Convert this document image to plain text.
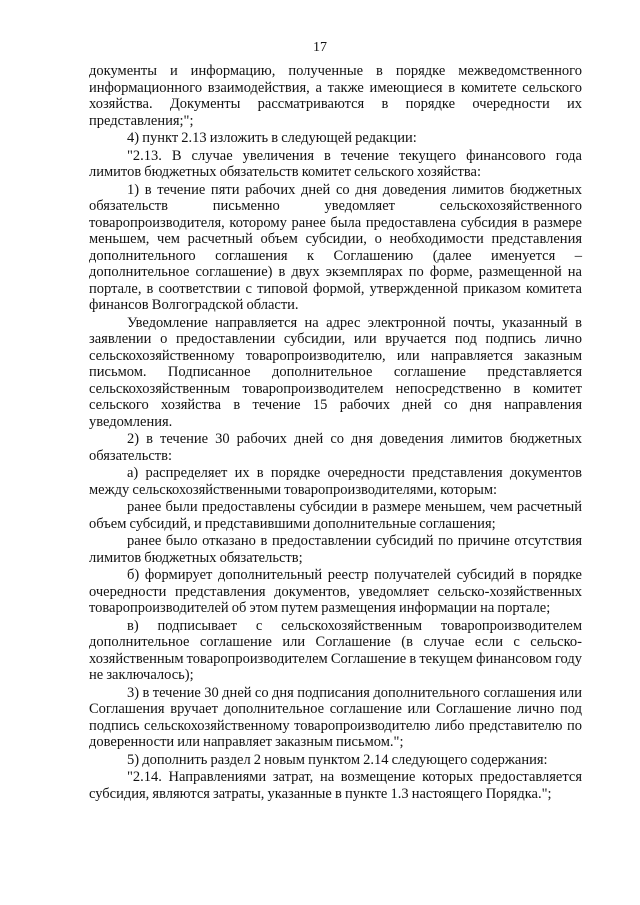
17

документы и информацию, полученные в порядке межведомственного информационного взаимодействия, а также имеющиеся в комитете сельского хозяйства. Документы рассматриваются в порядке очередности их представления;";

4) пункт 2.13 изложить в следующей редакции:

"2.13. В случае увеличения в течение текущего финансового года лимитов бюджетных обязательств комитет сельского хозяйства:

1) в течение пяти рабочих дней со дня доведения лимитов бюджетных обязательств письменно уведомляет сельскохозяйственного товаропроизводителя, которому ранее была предоставлена субсидия в размере меньшем, чем расчетный объем субсидии, о необходимости представления дополнительного соглашения к Соглашению (далее именуется – дополнительное соглашение) в двух экземплярах по форме, размещенной на портале, в соответствии с типовой формой, утвержденной приказом комитета финансов Волгоградской области.

Уведомление направляется на адрес электронной почты, указанный в заявлении о предоставлении субсидии, или вручается под подпись лично сельскохозяйственному товаропроизводителю, или направляется заказным письмом. Подписанное дополнительное соглашение представляется сельскохозяйственным товаропроизводителем непосредственно в комитет сельского хозяйства в течение 15 рабочих дней со дня направления уведомления.

2) в течение 30 рабочих дней со дня доведения лимитов бюджетных обязательств:

а) распределяет их в порядке очередности представления документов между сельскохозяйственными товаропроизводителями, которым:

ранее были предоставлены субсидии в размере меньшем, чем расчетный объем субсидий, и представившими дополнительные соглашения;

ранее было отказано в предоставлении субсидий по причине отсутствия лимитов бюджетных обязательств;

б) формирует дополнительный реестр получателей субсидий в порядке очередности представления документов, уведомляет сельско-хозяйственных товаропроизводителей об этом путем размещения информации на портале;

в) подписывает с сельскохозяйственным товаропроизводителем дополнительное соглашение или Соглашение (в случае если с сельско-хозяйственным товаропроизводителем Соглашение в текущем финансовом году не заключалось);

3) в течение 30 дней со дня подписания дополнительного соглашения или Соглашения вручает дополнительное соглашение или Соглашение лично под подпись сельскохозяйственному товаропроизводителю либо представителю по доверенности или направляет заказным письмом.";

5) дополнить раздел 2 новым пунктом 2.14 следующего содержания:

"2.14. Направлениями затрат, на возмещение которых предоставляется субсидия, являются затраты, указанные в пункте 1.3 настоящего Порядка.";
